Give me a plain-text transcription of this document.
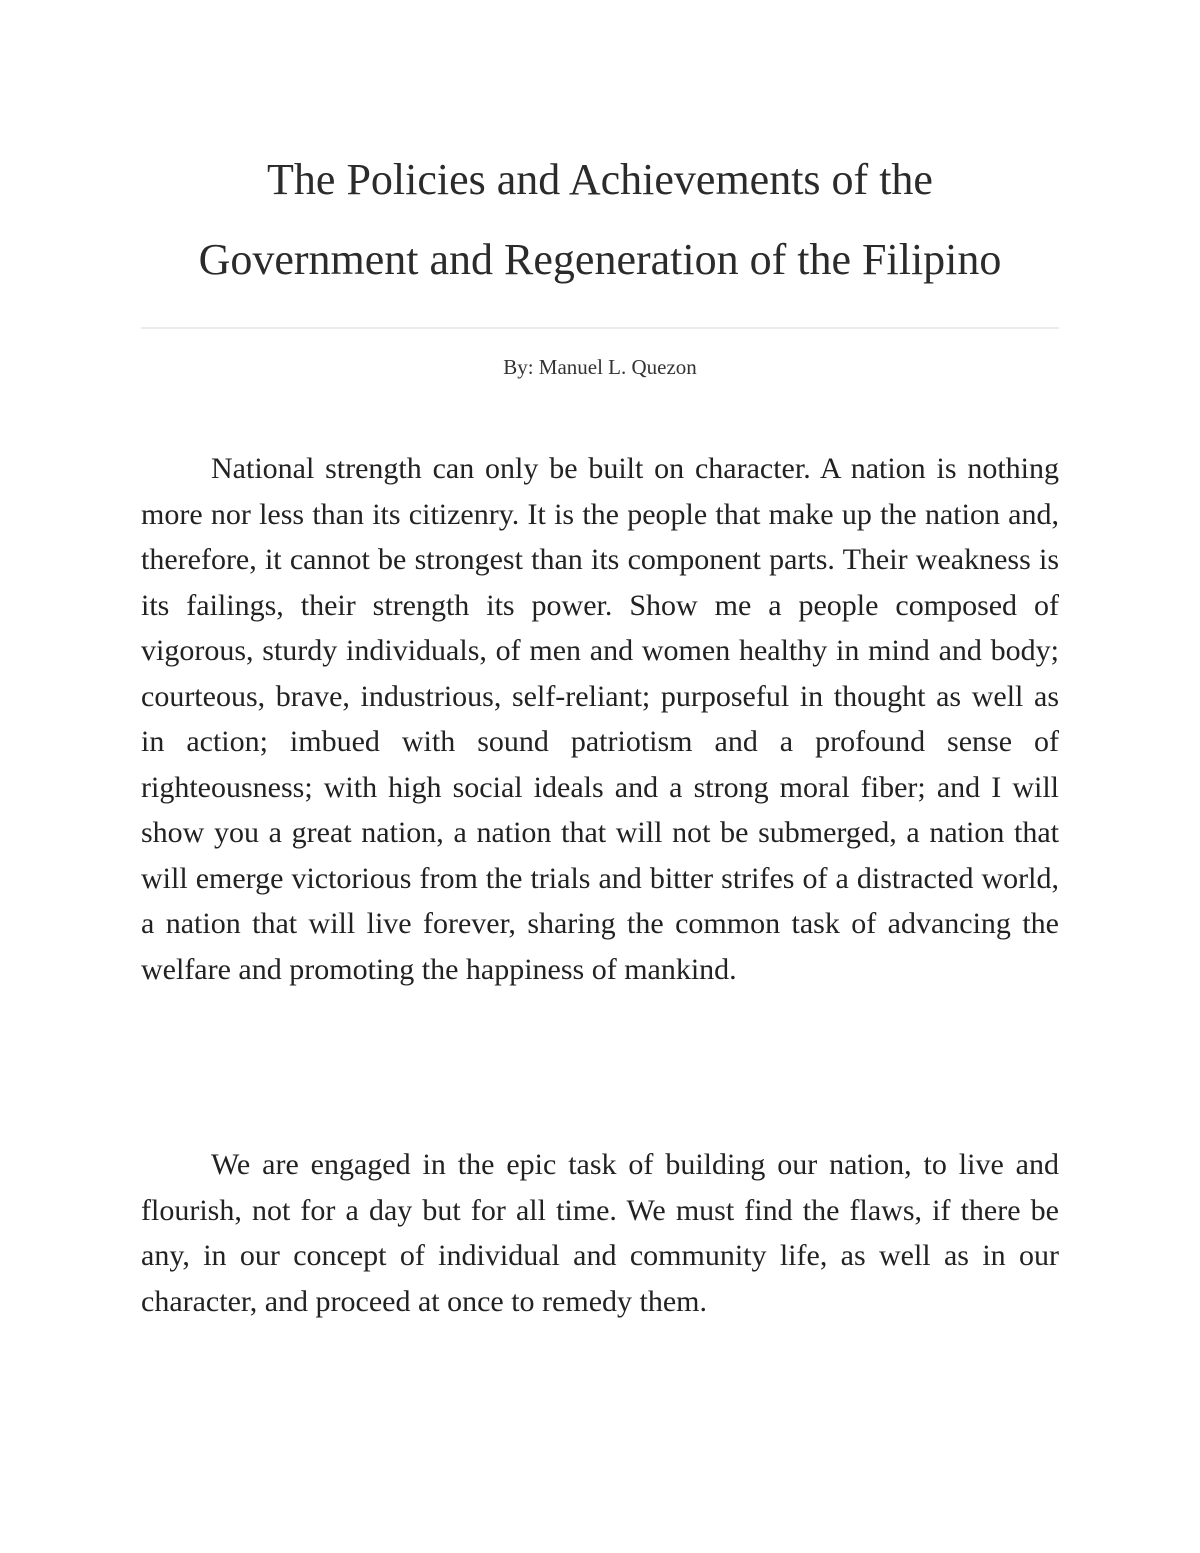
The Policies and Achievements of the
Government and Regeneration of the Filipino

By: Manuel L. Quezon

National strength can only be built on character. A nation is nothing more nor less than its citizenry. It is the people that make up the nation and, therefore, it cannot be strongest than its component parts. Their weakness is its failings, their strength its power. Show me a people composed of vigorous, sturdy individuals, of men and women healthy in mind and body; courteous, brave, industrious, self-reliant; purposeful in thought as well as in action; imbued with sound patriotism and a profound sense of righteousness; with high social ideals and a strong moral fiber; and I will show you a great nation, a nation that will not be submerged, a nation that will emerge victorious from the trials and bitter strifes of a distracted world, a nation that will live forever, sharing the common task of advancing the welfare and promoting the happiness of mankind.

We are engaged in the epic task of building our nation, to live and flourish, not for a day but for all time. We must find the flaws, if there be any, in our concept of individual and community life, as well as in our character, and proceed at once to remedy them.
